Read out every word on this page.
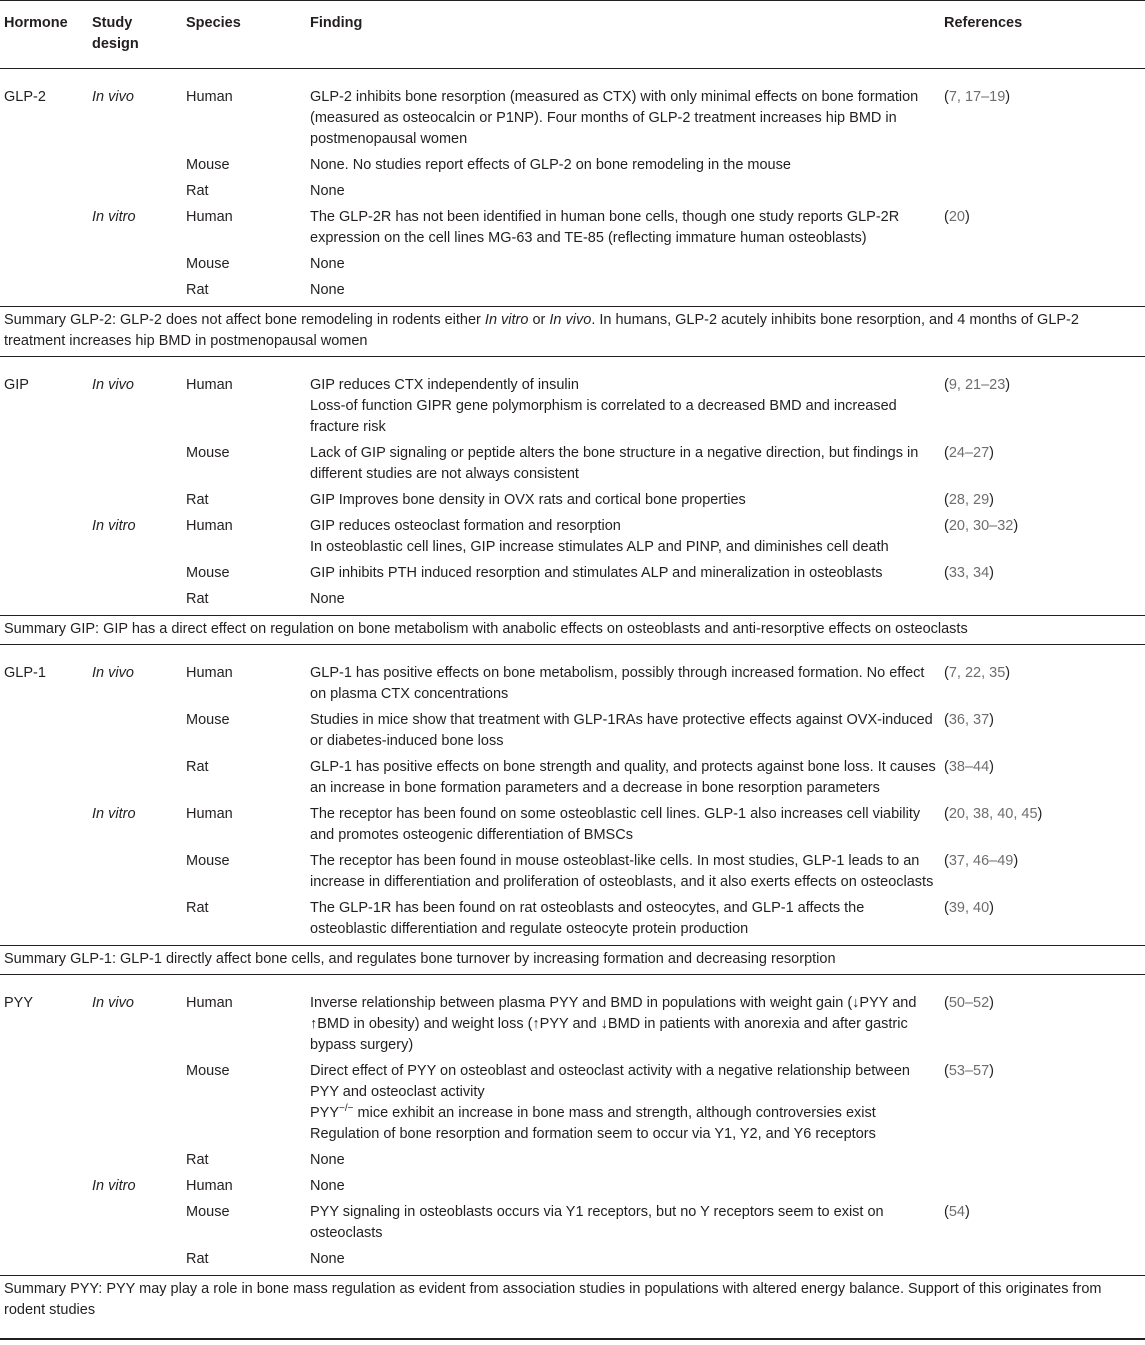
Hormone	Study design	Species	Finding	References
GLP-2	In vivo	Human	GLP-2 inhibits bone resorption (measured as CTX) with only minimal effects on bone formation (measured as osteocalcin or P1NP). Four months of GLP-2 treatment increases hip BMD in postmenopausal women	(7, 17–19)
		Mouse	None. No studies report effects of GLP-2 on bone remodeling in the mouse	

		Rat	None	

	In vitro	Human	The GLP-2R has not been identified in human bone cells, though one study reports GLP-2R expression on the cell lines MG-63 and TE-85 (reflecting immature human osteoblasts)	(20)
		Mouse	None	

		Rat	None	

Summary GLP-2: GLP-2 does not affect bone remodeling in rodents either In vitro or In vivo. In humans, GLP-2 acutely inhibits bone resorption, and 4 months of GLP-2 treatment increases hip BMD in postmenopausal women				
GIP	In vivo	Human	GIP reduces CTX independently of insulin
Loss-of function GIPR gene polymorphism is correlated to a decreased BMD and increased fracture risk	(9, 21–23)
		Mouse	Lack of GIP signaling or peptide alters the bone structure in a negative direction, but findings in different studies are not always consistent	(24–27)
		Rat	GIP Improves bone density in OVX rats and cortical bone properties	(28, 29)
	In vitro	Human	GIP reduces osteoclast formation and resorption
In osteoblastic cell lines, GIP increase stimulates ALP and PINP, and diminishes cell death	(20, 30–32)
		Mouse	GIP inhibits PTH induced resorption and stimulates ALP and mineralization in osteoblasts	(33, 34)
		Rat	None	

Summary GIP: GIP has a direct effect on regulation on bone metabolism with anabolic effects on osteoblasts and anti-resorptive effects on osteoclasts				
GLP-1	In vivo	Human	GLP-1 has positive effects on bone metabolism, possibly through increased formation. No effect on plasma CTX concentrations	(7, 22, 35)
		Mouse	Studies in mice show that treatment with GLP-1RAs have protective effects against OVX-induced or diabetes-induced bone loss	(36, 37)
		Rat	GLP-1 has positive effects on bone strength and quality, and protects against bone loss. It causes an increase in bone formation parameters and a decrease in bone resorption parameters	(38–44)
	In vitro	Human	The receptor has been found on some osteoblastic cell lines. GLP-1 also increases cell viability and promotes osteogenic differentiation of BMSCs	(20, 38, 40, 45)
		Mouse	The receptor has been found in mouse osteoblast-like cells. In most studies, GLP-1 leads to an increase in differentiation and proliferation of osteoblasts, and it also exerts effects on osteoclasts	(37, 46–49)
		Rat	The GLP-1R has been found on rat osteoblasts and osteocytes, and GLP-1 affects the osteoblastic differentiation and regulate osteocyte protein production	(39, 40)
Summary GLP-1: GLP-1 directly affect bone cells, and regulates bone turnover by increasing formation and decreasing resorption				
PYY	In vivo	Human	Inverse relationship between plasma PYY and BMD in populations with weight gain (↓PYY and ↑BMD in obesity) and weight loss (↑PYY and ↓BMD in patients with anorexia and after gastric bypass surgery)	(50–52)
		Mouse	Direct effect of PYY on osteoblast and osteoclast activity with a negative relationship between PYY and osteoclast activity
PYY−/− mice exhibit an increase in bone mass and strength, although controversies exist
Regulation of bone resorption and formation seem to occur via Y1, Y2, and Y6 receptors	(53–57)
		Rat	None	

	In vitro	Human	None	

		Mouse	PYY signaling in osteoblasts occurs via Y1 receptors, but no Y receptors seem to exist on osteoclasts	(54)
		Rat	None	

Summary PYY: PYY may play a role in bone mass regulation as evident from association studies in populations with altered energy balance. Support of this originates from rodent studies				
